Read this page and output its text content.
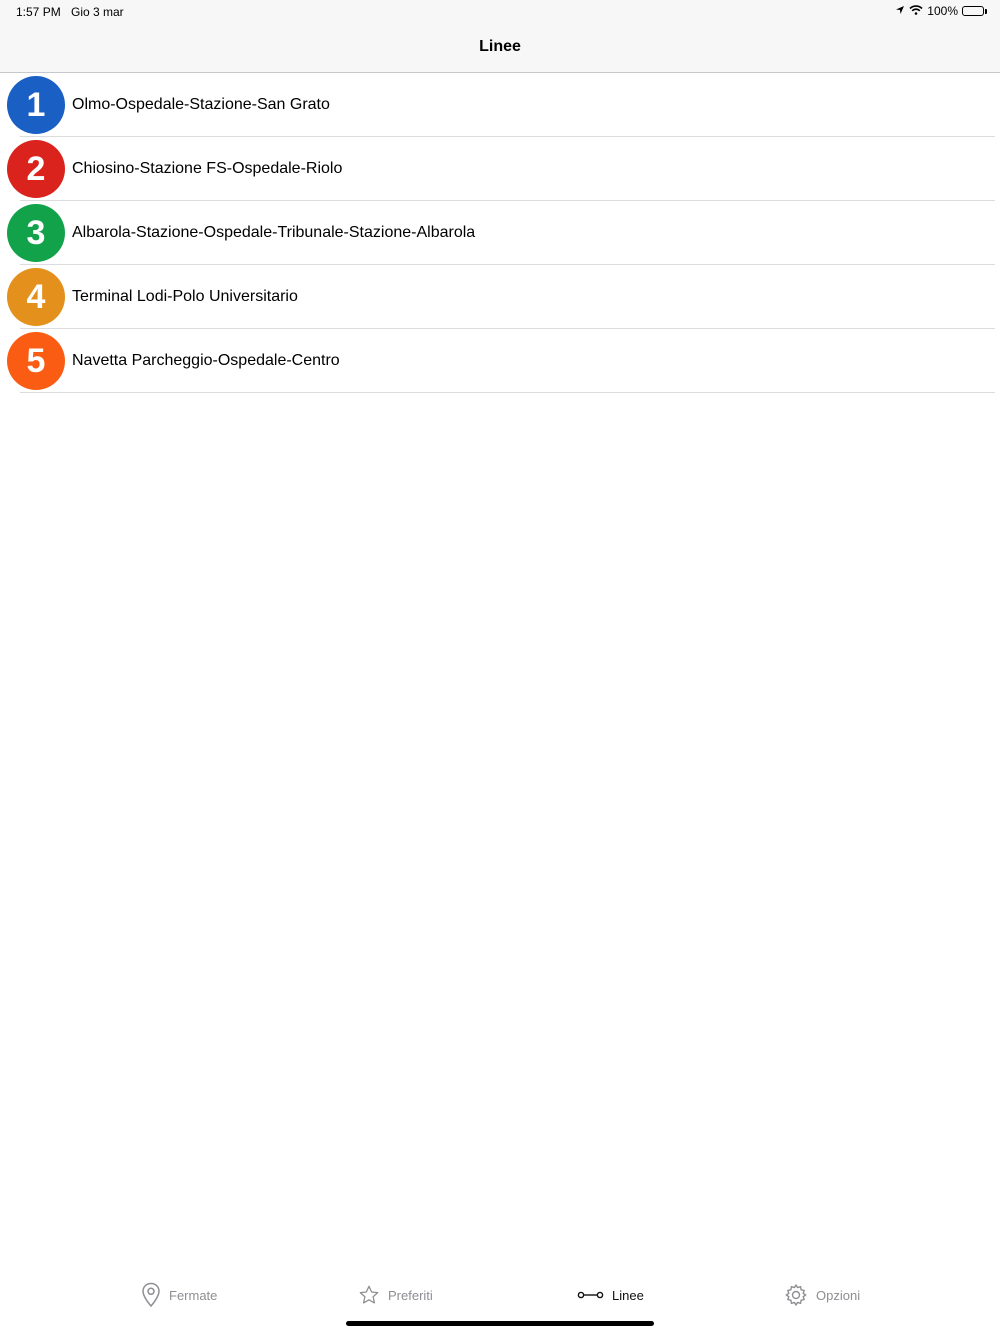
1:57 PM Gio 3 mar	100%
Linee
1	Olmo-Ospedale-Stazione-San Grato
2	Chiosino-Stazione FS-Ospedale-Riolo
3	Albarola-Stazione-Ospedale-Tribunale-Stazione-Albarola
4	Terminal Lodi-Polo Universitario
5	Navetta Parcheggio-Ospedale-Centro
Fermate	Preferiti	Linee	Opzioni
